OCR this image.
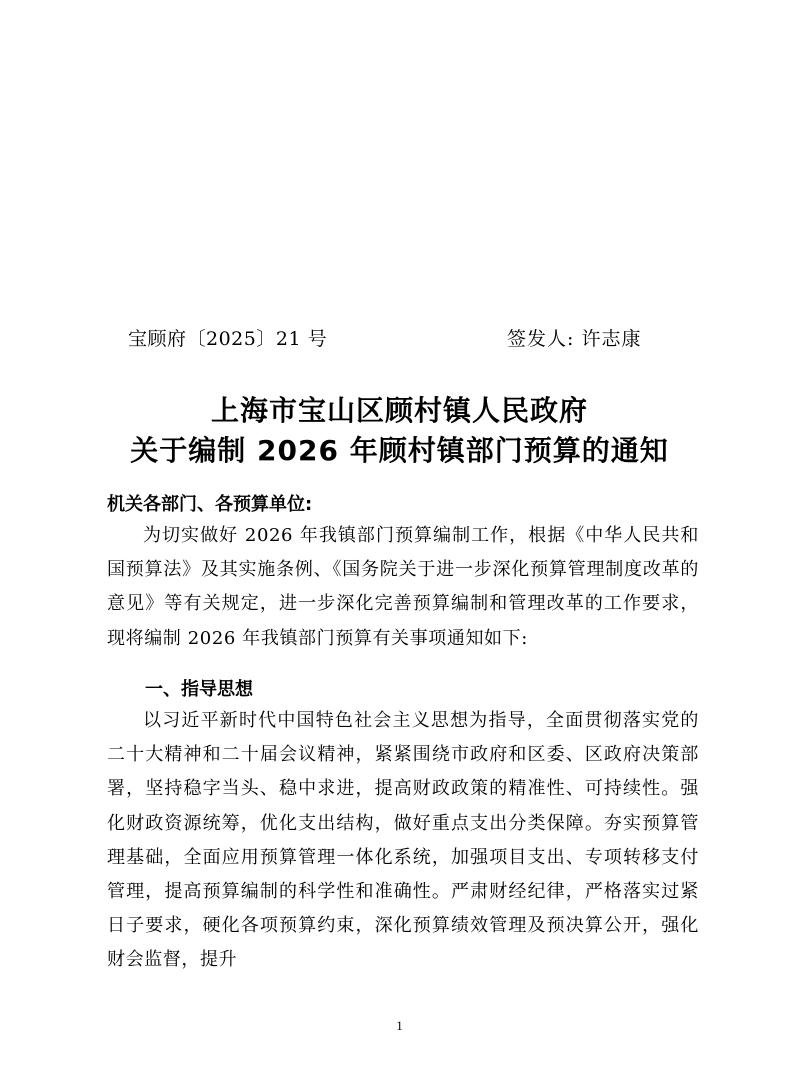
宝顾府〔2025〕21 号	签发人: 许志康
上海市宝山区顾村镇人民政府
关于编制 2026 年顾村镇部门预算的通知
机关各部门、各预算单位:
为切实做好 2026 年我镇部门预算编制工作，根据《中华人民共和国预算法》及其实施条例、《国务院关于进一步深化预算管理制度改革的意见》等有关规定，进一步深化完善预算编制和管理改革的工作要求，现将编制 2026 年我镇部门预算有关事项通知如下:
一、指导思想
以习近平新时代中国特色社会主义思想为指导，全面贯彻落实党的二十大精神和二十届会议精神，紧紧围绕市政府和区委、区政府决策部署，坚持稳字当头、稳中求进，提高财政政策的精准性、可持续性。强化财政资源统筹，优化支出结构，做好重点支出分类保障。夯实预算管理基础，全面应用预算管理一体化系统，加强项目支出、专项转移支付管理，提高预算编制的科学性和准确性。严肃财经纪律，严格落实过紧日子要求，硬化各项预算约束，深化预算绩效管理及预决算公开，强化财会监督，提升
1
